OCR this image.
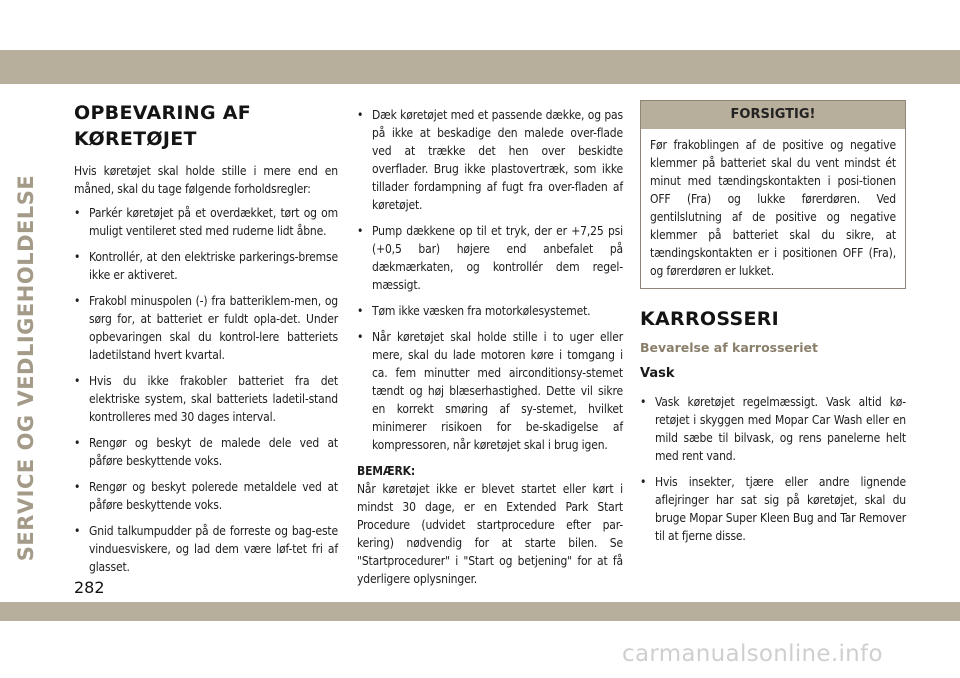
SERVICE OG VEDLIGEHOLDELSE
OPBEVARING AF
KØRETØJET

Hvis køretøjet skal holde stille i mere end en måned, skal du tage følgende forholdsregler:

• Parkér køretøjet på et overdækket, tørt og om muligt ventileret sted med ruderne lidt åbne.
• Kontrollér, at den elektriske parkerings-bremse ikke er aktiveret.
• Frakobl minuspolen (-) fra batteriklem-men, og sørg for, at batteriet er fuldt opla-det. Under opbevaringen skal du kontrol-lere batteriets ladetilstand hvert kvartal.
• Hvis du ikke frakobler batteriet fra det elektriske system, skal batteriets ladetil-stand kontrolleres med 30 dages interval.
• Rengør og beskyt de malede dele ved at påføre beskyttende voks.
• Rengør og beskyt polerede metaldele ved at påføre beskyttende voks.
• Gnid talkumpudder på de forreste og bag-este vinduesviskere, og lad dem være løf-tet fri af glasset.
• Dæk køretøjet med et passende dække, og pas på ikke at beskadige den malede over-flade ved at trække det hen over beskidte overflader. Brug ikke plastovertræk, som ikke tillader fordampning af fugt fra over-fladen af køretøjet.
• Pump dækkene op til et tryk, der er +7,25 psi (+0,5 bar) højere end anbefalet på dækmærkaten, og kontrollér dem regel-mæssigt.
• Tøm ikke væsken fra motorkølesystemet.
• Når køretøjet skal holde stille i to uger eller mere, skal du lade motoren køre i tomgang i ca. fem minutter med airconditionsy-stemet tændt og høj blæserhastighed. Dette vil sikre en korrekt smøring af sy-stemet, hvilket minimerer risikoen for be-skadigelse af kompressoren, når køretøjet skal i brug igen.

BEMÆRK:

Når køretøjet ikke er blevet startet eller kørt i mindst 30 dage, er en Extended Park Start Procedure (udvidet startprocedure efter par-kering) nødvendig for at starte bilen. Se "Startprocedurer" i "Start og betjening" for at få yderligere oplysninger.

FORSIGTIG!

Før frakoblingen af de positive og negative klemmer på batteriet skal du vent mindst ét minut med tændingskontakten i posi-tionen OFF (Fra) og lukke førerdøren. Ved gentilslutning af de positive og negative klemmer på batteriet skal du sikre, at tændingskontakten er i positionen OFF (Fra), og førerdøren er lukket.

KARROSSERI
Bevarelse af karrosseriet
Vask
• Vask køretøjet regelmæssigt. Vask altid kø-retøjet i skyggen med Mopar Car Wash eller en mild sæbe til bilvask, og rens panelerne helt med rent vand.
• Hvis insekter, tjære eller andre lignende aflejringer har sat sig på køretøjet, skal du bruge Mopar Super Kleen Bug and Tar Remover til at fjerne disse.
282
carmanualsonline.info
